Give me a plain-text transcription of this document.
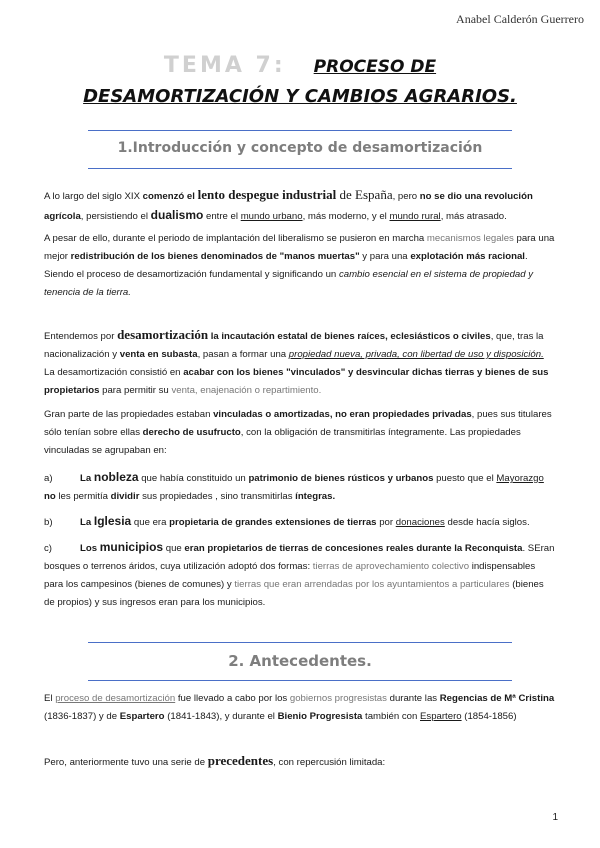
Anabel Calderón Guerrero
TEMA 7: PROCESO DE
DESAMORTIZACIÓN Y CAMBIOS AGRARIOS.
1.Introducción y concepto de desamortización
A lo largo del siglo XIX comenzó el lento despegue industrial de España, pero no se dio una revolución agrícola, persistiendo el dualismo entre el mundo urbano, más moderno, y el mundo rural, más atrasado.
A pesar de ello, durante el periodo de implantación del liberalismo se pusieron en marcha mecanismos legales para una mejor redistribución de los bienes denominados de "manos muertas" y para una explotación más racional. Siendo el proceso de desamortización fundamental y significando un cambio esencial en el sistema de propiedad y tenencia de la tierra.
Entendemos por desamortización la incautación estatal de bienes raíces, eclesiásticos o civiles, que, tras la nacionalización y venta en subasta, pasan a formar una propiedad nueva, privada, con libertad de uso y disposición. La desamortización consistió en acabar con los bienes "vinculados" y desvincular dichas tierras y bienes de sus propietarios para permitir su venta, enajenación o repartimiento.
Gran parte de las propiedades estaban vinculadas o amortizadas, no eran propiedades privadas, pues sus titulares sólo tenían sobre ellas derecho de usufructo, con la obligación de transmitirlas íntegramente. Las propiedades vinculadas se agrupaban en:
a)	La nobleza que había constituido un patrimonio de bienes rústicos y urbanos puesto que el Mayorazgo no les permitía dividir sus propiedades , sino transmitirlas íntegras.
b)	La Iglesia que era propietaria de grandes extensiones de tierras por donaciones desde hacía siglos.
c)	Los municipios que eran propietarios de tierras de concesiones reales durante la Reconquista. SEran bosques o terrenos áridos, cuya utilización adoptó dos formas: tierras de aprovechamiento colectivo indispensables para los campesinos (bienes de comunes) y tierras que eran arrendadas por los ayuntamientos a particulares (bienes de propios) y sus ingresos eran para los municipios.
2. Antecedentes.
El proceso de desamortización fue llevado a cabo por los gobiernos progresistas durante las Regencias de Mª Cristina (1836-1837) y de Espartero (1841-1843), y durante el Bienio Progresista también con Espartero (1854-1856)
Pero, anteriormente tuvo una serie de precedentes, con repercusión limitada:
1
